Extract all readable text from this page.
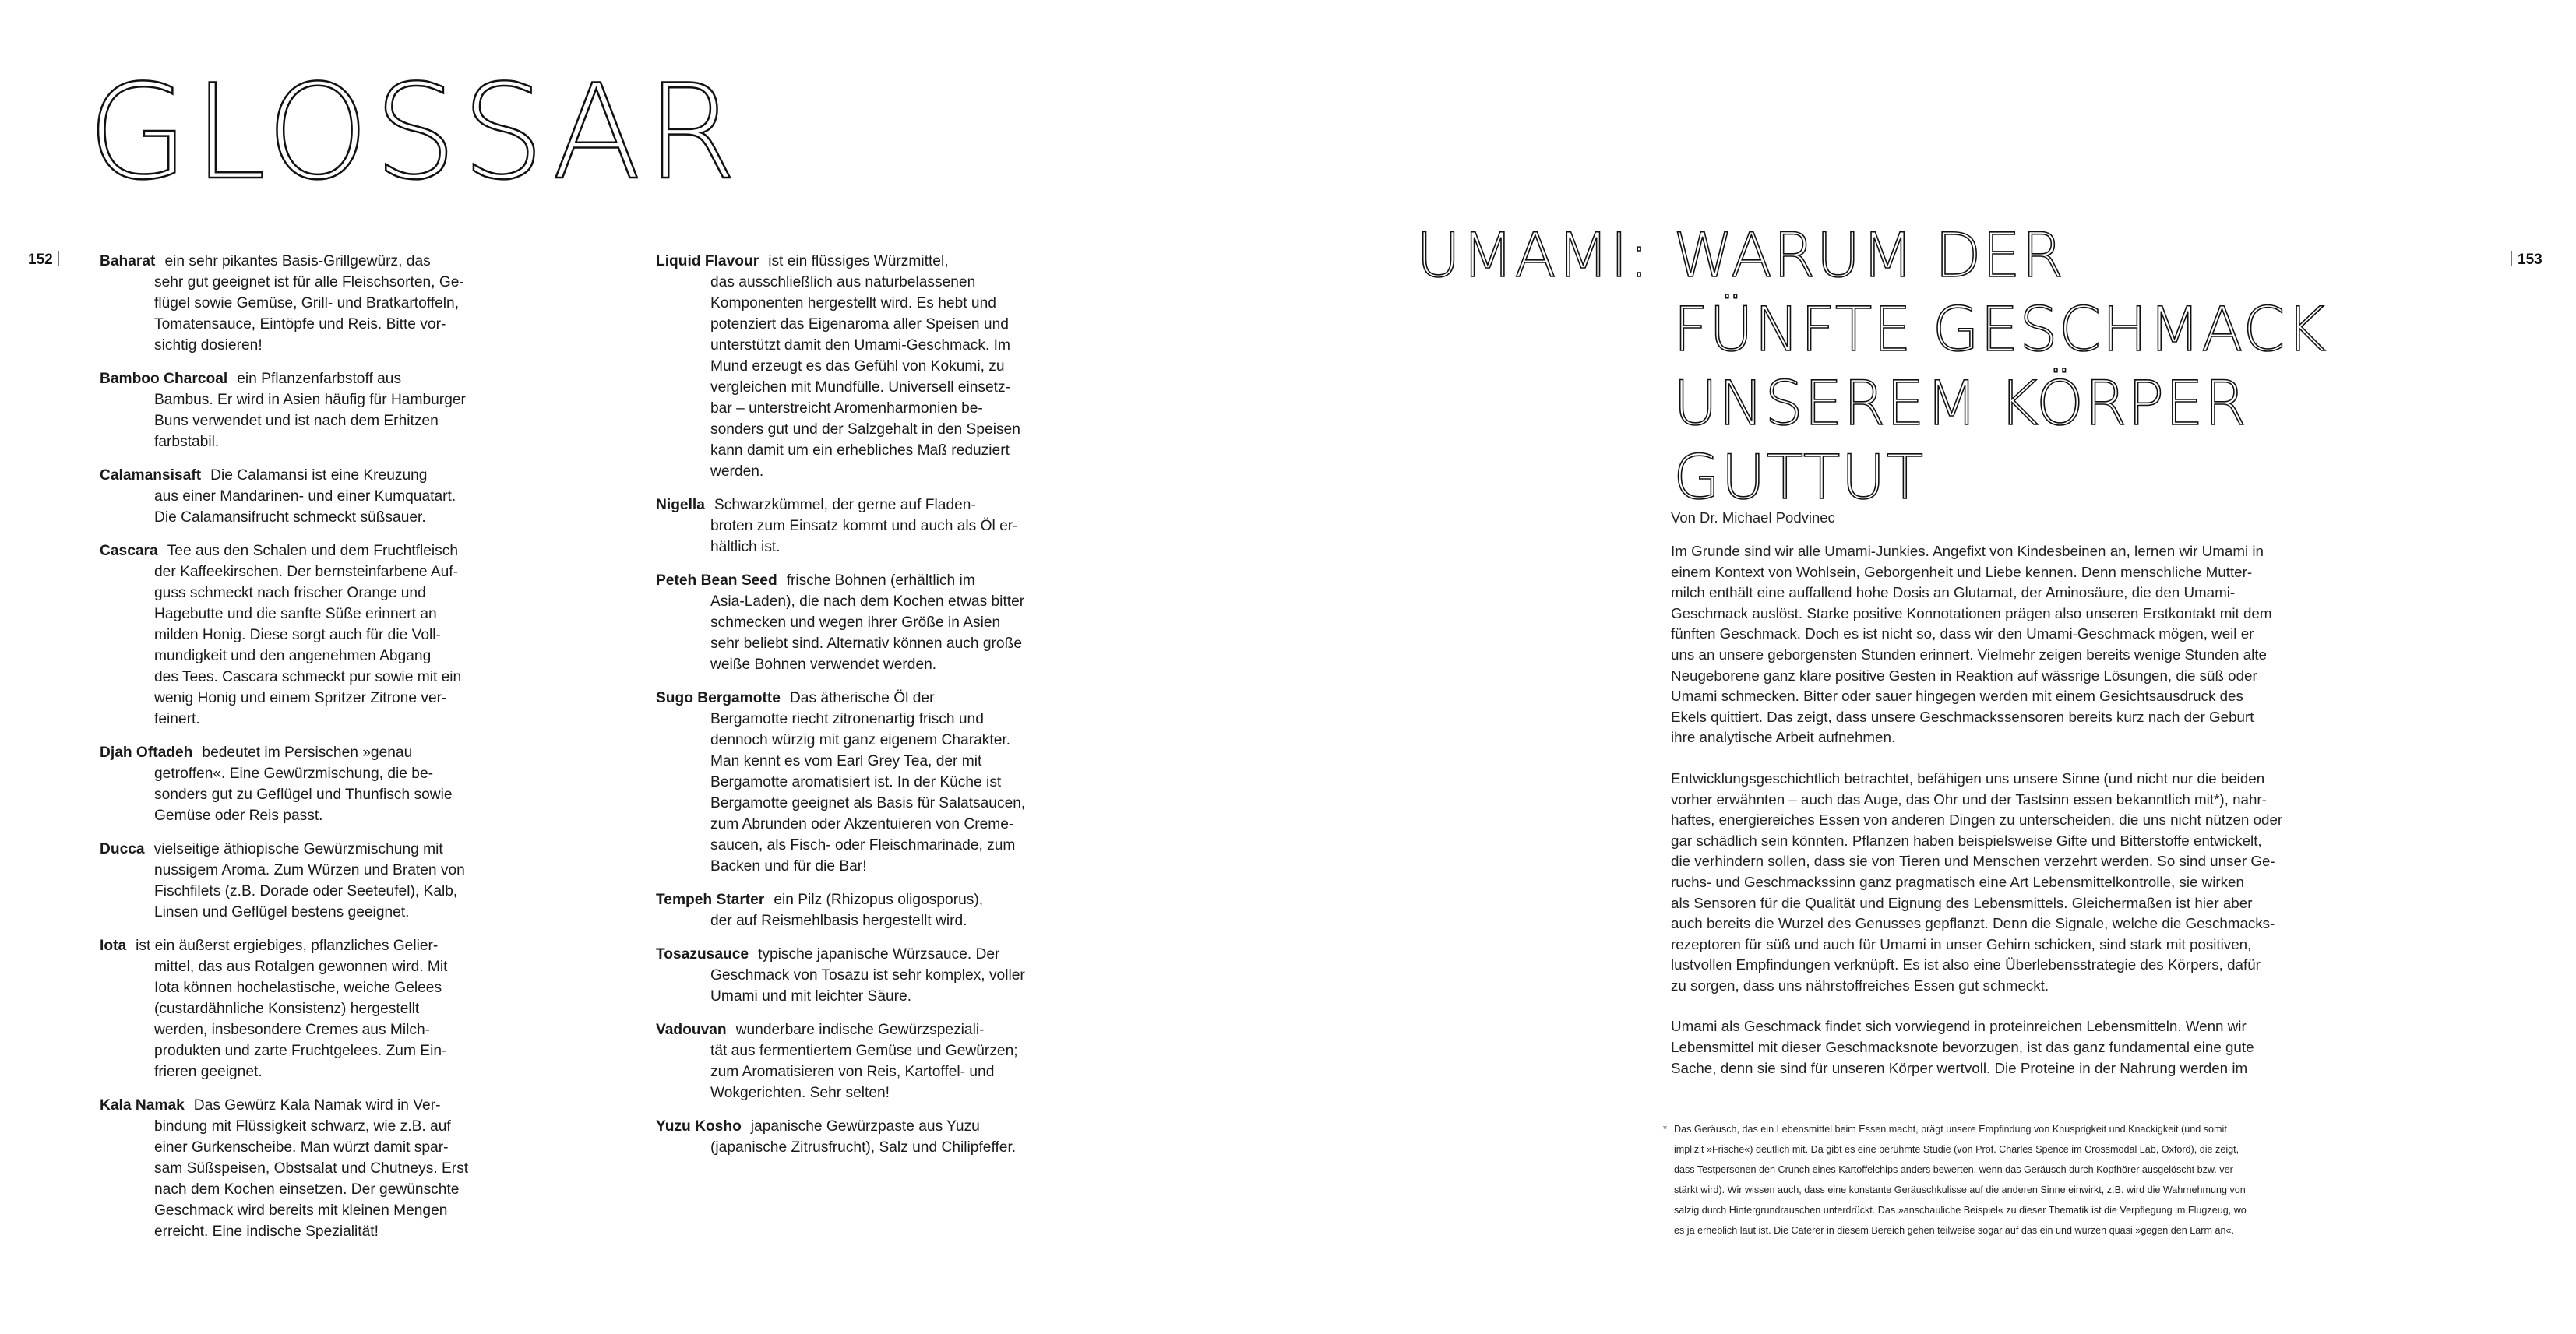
GLOSSAR
152	Baharat ein sehr pikantes Basis-Grillgewürz, das
sehr gut geeignet ist für alle Fleischsorten, Ge-
flügel sowie Gemüse, Grill- und Bratkartoffeln,
Tomatensauce, Eintöpfe und Reis. Bitte vor-
sichtig dosieren!
Bamboo Charcoal ein Pflanzenfarbstoff aus
Bambus. Er wird in Asien häufig für Hamburger
Buns verwendet und ist nach dem Erhitzen
farbstabil.
Calamansisaft Die Calamansi ist eine Kreuzung
aus einer Mandarinen- und einer Kumquatart.
Die Calamansifrucht schmeckt süßsauer.
Cascara Tee aus den Schalen und dem Fruchtfleisch
der Kaffeekirschen. Der bernsteinfarbene Auf-
guss schmeckt nach frischer Orange und
Hagebutte und die sanfte Süße erinnert an
milden Honig. Diese sorgt auch für die Voll-
mundigkeit und den angenehmen Abgang
des Tees. Cascara schmeckt pur sowie mit ein
wenig Honig und einem Spritzer Zitrone ver-
feinert.
Djah Oftadeh bedeutet im Persischen »genau
getroffen«. Eine Gewürzmischung, die be-
sonders gut zu Geflügel und Thunfisch sowie
Gemüse oder Reis passt.
Ducca vielseitige äthiopische Gewürzmischung mit
nussigem Aroma. Zum Würzen und Braten von
Fischfilets (z.B. Dorade oder Seeteufel), Kalb,
Linsen und Geflügel bestens geeignet.
Iota ist ein äußerst ergiebiges, pflanzliches Gelier-
mittel, das aus Rotalgen gewonnen wird. Mit
Iota können hochelastische, weiche Gelees
(custardähnliche Konsistenz) hergestellt
werden, insbesondere Cremes aus Milch-
produkten und zarte Fruchtgelees. Zum Ein-
frieren geeignet.
Kala Namak Das Gewürz Kala Namak wird in Ver-
bindung mit Flüssigkeit schwarz, wie z.B. auf
einer Gurkenscheibe. Man würzt damit spar-
sam Süßspeisen, Obstsalat und Chutneys. Erst
nach dem Kochen einsetzen. Der gewünschte
Geschmack wird bereits mit kleinen Mengen
erreicht. Eine indische Spezialität!
Liquid Flavour ist ein flüssiges Würzmittel,
das ausschließlich aus naturbelassenen
Komponenten hergestellt wird. Es hebt und
potenziert das Eigenaroma aller Speisen und
unterstützt damit den Umami-Geschmack. Im
Mund erzeugt es das Gefühl von Kokumi, zu
vergleichen mit Mundfülle. Universell einsetz-
bar – unterstreicht Aromenharmonien be-
sonders gut und der Salzgehalt in den Speisen
kann damit um ein erhebliches Maß reduziert
werden.
Nigella Schwarzkümmel, der gerne auf Fladen-
broten zum Einsatz kommt und auch als Öl er-
hältlich ist.
Peteh Bean Seed frische Bohnen (erhältlich im
Asia-Laden), die nach dem Kochen etwas bitter
schmecken und wegen ihrer Größe in Asien
sehr beliebt sind. Alternativ können auch große
weiße Bohnen verwendet werden.
Sugo Bergamotte Das ätherische Öl der
Bergamotte riecht zitronenartig frisch und
dennoch würzig mit ganz eigenem Charakter.
Man kennt es vom Earl Grey Tea, der mit
Bergamotte aromatisiert ist. In der Küche ist
Bergamotte geeignet als Basis für Salatsaucen,
zum Abrunden oder Akzentuieren von Creme-
saucen, als Fisch- oder Fleischmarinade, zum
Backen und für die Bar!
Tempeh Starter ein Pilz (Rhizopus oligosporus),
der auf Reismehlbasis hergestellt wird.
Tosazusauce typische japanische Würzsauce. Der
Geschmack von Tosazu ist sehr komplex, voller
Umami und mit leichter Säure.
Vadouvan wunderbare indische Gewürzspeziali-
tät aus fermentiertem Gemüse und Gewürzen;
zum Aromatisieren von Reis, Kartoffel- und
Wokgerichten. Sehr selten!
Yuzu Kosho japanische Gewürzpaste aus Yuzu
(japanische Zitrusfrucht), Salz und Chilipfeffer.
UMAMI: WARUM DER
FÜNFTE GESCHMACK
UNSEREM KÖRPER
GUTTUT
153
Von Dr. Michael Podvinec

Im Grunde sind wir alle Umami-Junkies. Angefixt von Kindesbeinen an, lernen wir Umami in
einem Kontext von Wohlsein, Geborgenheit und Liebe kennen. Denn menschliche Mutter-
milch enthält eine auffallend hohe Dosis an Glutamat, der Aminosäure, die den Umami-
Geschmack auslöst. Starke positive Konnotationen prägen also unseren Erstkontakt mit dem
fünften Geschmack. Doch es ist nicht so, dass wir den Umami-Geschmack mögen, weil er
uns an unsere geborgensten Stunden erinnert. Vielmehr zeigen bereits wenige Stunden alte
Neugeborene ganz klare positive Gesten in Reaktion auf wässrige Lösungen, die süß oder
Umami schmecken. Bitter oder sauer hingegen werden mit einem Gesichtsausdruck des
Ekels quittiert. Das zeigt, dass unsere Geschmackssensoren bereits kurz nach der Geburt
ihre analytische Arbeit aufnehmen.

Entwicklungsgeschichtlich betrachtet, befähigen uns unsere Sinne (und nicht nur die beiden
vorher erwähnten – auch das Auge, das Ohr und der Tastsinn essen bekanntlich mit*), nahr-
haftes, energiereiches Essen von anderen Dingen zu unterscheiden, die uns nicht nützen oder
gar schädlich sein könnten. Pflanzen haben beispielsweise Gifte und Bitterstoffe entwickelt,
die verhindern sollen, dass sie von Tieren und Menschen verzehrt werden. So sind unser Ge-
ruchs- und Geschmackssinn ganz pragmatisch eine Art Lebensmittelkontrolle, sie wirken
als Sensoren für die Qualität und Eignung des Lebensmittels. Gleichermaßen ist hier aber
auch bereits die Wurzel des Genusses gepflanzt. Denn die Signale, welche die Geschmacks-
rezeptoren für süß und auch für Umami in unser Gehirn schicken, sind stark mit positiven,
lustvollen Empfindungen verknüpft. Es ist also eine Überlebensstrategie des Körpers, dafür
zu sorgen, dass uns nährstoffreiches Essen gut schmeckt.

Umami als Geschmack findet sich vorwiegend in proteinreichen Lebensmitteln. Wenn wir
Lebensmittel mit dieser Geschmacksnote bevorzugen, ist das ganz fundamental eine gute
Sache, denn sie sind für unseren Körper wertvoll. Die Proteine in der Nahrung werden im

* Das Geräusch, das ein Lebensmittel beim Essen macht, prägt unsere Empfindung von Knusprigkeit und Knackigkeit (und somit
implizit »Frische«) deutlich mit. Da gibt es eine berühmte Studie (von Prof. Charles Spence im Crossmodal Lab, Oxford), die zeigt,
dass Testpersonen den Crunch eines Kartoffelchips anders bewerten, wenn das Geräusch durch Kopfhörer ausgelöscht bzw. ver-
stärkt wird). Wir wissen auch, dass eine konstante Geräuschkulisse auf die anderen Sinne einwirkt, z.B. wird die Wahrnehmung von
salzig durch Hintergrundrauschen unterdrückt. Das »anschauliche Beispiel« zu dieser Thematik ist die Verpflegung im Flugzeug, wo
es ja erheblich laut ist. Die Caterer in diesem Bereich gehen teilweise sogar auf das ein und würzen quasi »gegen den Lärm an«.
